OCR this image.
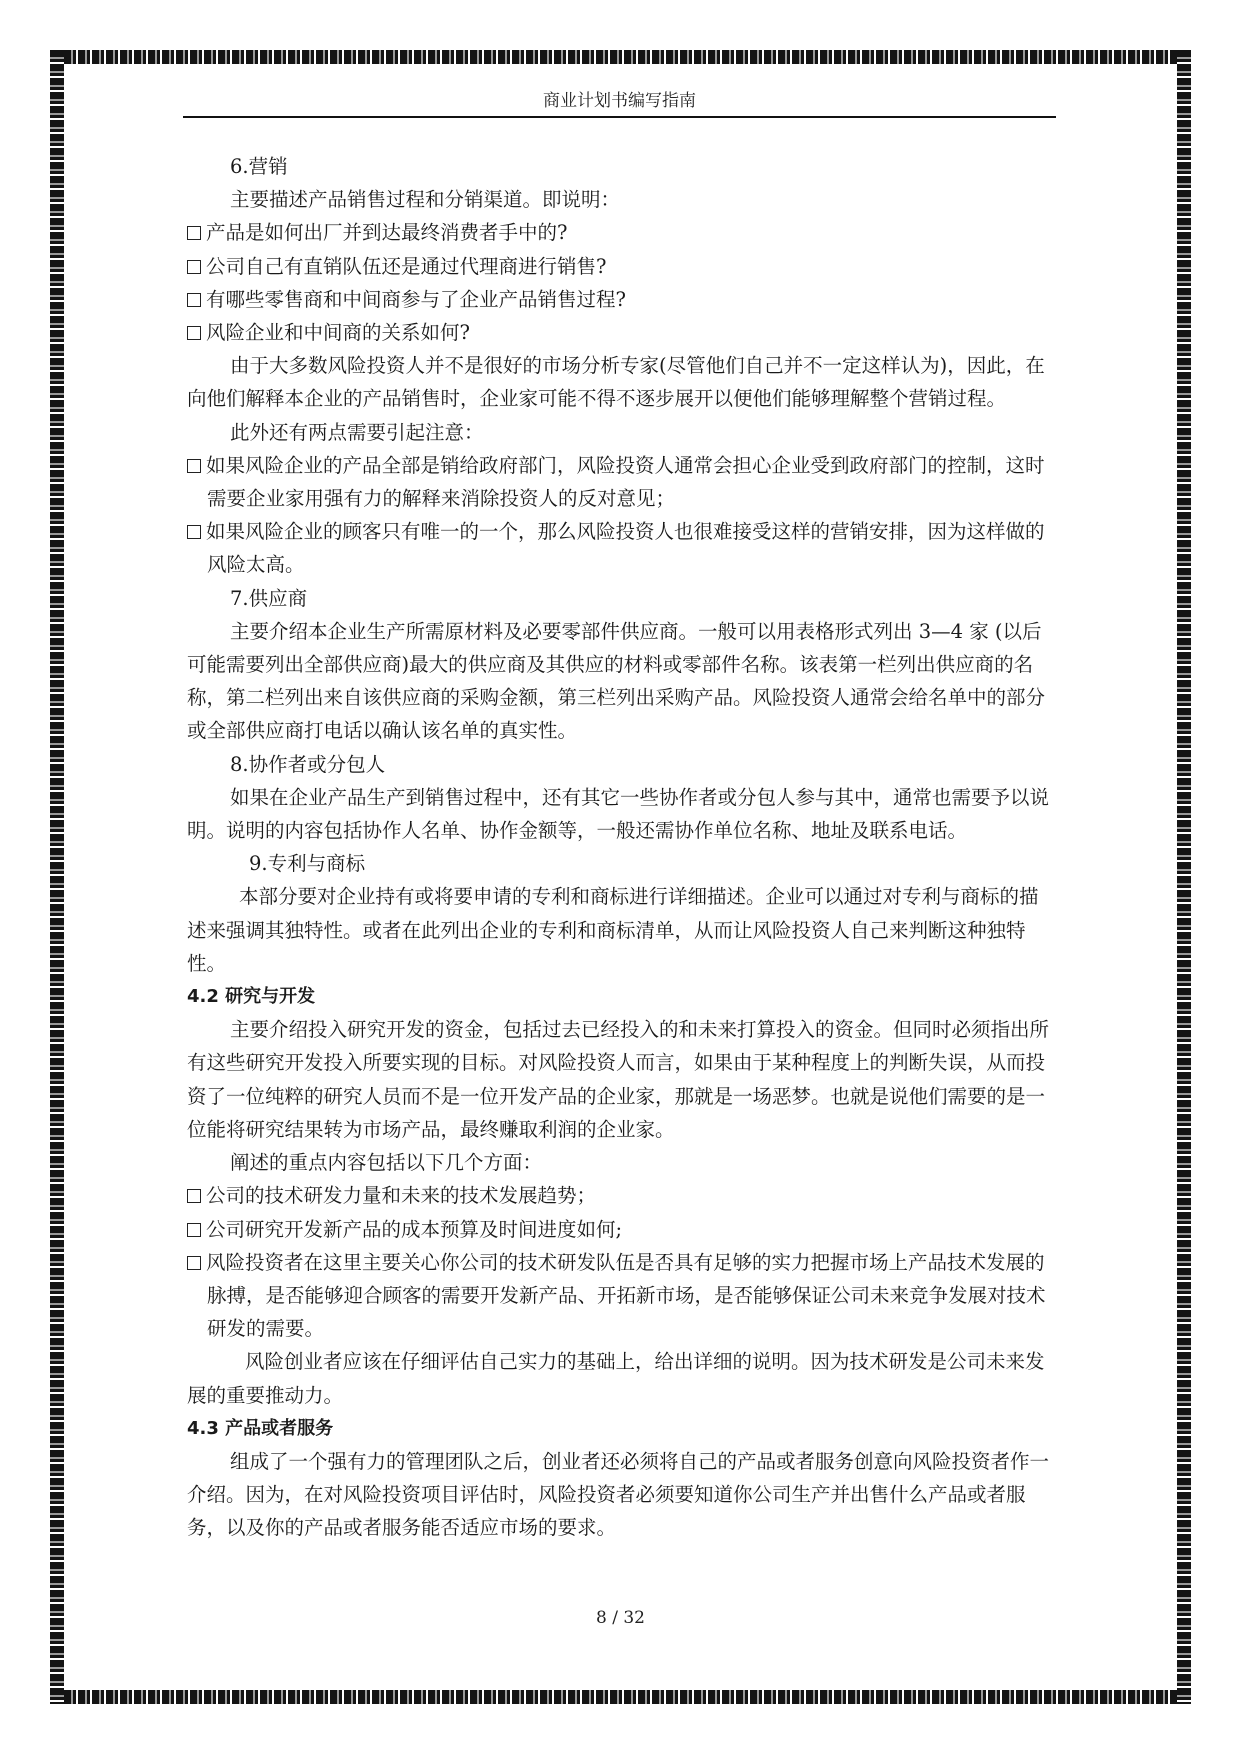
商业计划书编写指南

6.营销

主要描述产品销售过程和分销渠道。即说明：

产品是如何出厂并到达最终消费者手中的?

公司自己有直销队伍还是通过代理商进行销售?

有哪些零售商和中间商参与了企业产品销售过程?

风险企业和中间商的关系如何?

由于大多数风险投资人并不是很好的市场分析专家(尽管他们自己并不一定这样认为)，因此，在向他们解释本企业的产品销售时，企业家可能不得不逐步展开以便他们能够理解整个营销过程。

此外还有两点需要引起注意：

如果风险企业的产品全部是销给政府部门，风险投资人通常会担心企业受到政府部门的控制，这时需要企业家用强有力的解释来消除投资人的反对意见；

如果风险企业的顾客只有唯一的一个，那么风险投资人也很难接受这样的营销安排，因为这样做的风险太高。

7.供应商

主要介绍本企业生产所需原材料及必要零部件供应商。一般可以用表格形式列出 3—4 家 (以后可能需要列出全部供应商)最大的供应商及其供应的材料或零部件名称。该表第一栏列出供应商的名称，第二栏列出来自该供应商的采购金额，第三栏列出采购产品。风险投资人通常会给名单中的部分或全部供应商打电话以确认该名单的真实性。

8.协作者或分包人

如果在企业产品生产到销售过程中，还有其它一些协作者或分包人参与其中，通常也需要予以说明。说明的内容包括协作人名单、协作金额等，一般还需协作单位名称、地址及联系电话。

9.专利与商标

本部分要对企业持有或将要申请的专利和商标进行详细描述。企业可以通过对专利与商标的描述来强调其独特性。或者在此列出企业的专利和商标清单，从而让风险投资人自己来判断这种独特性。

4.2 研究与开发

主要介绍投入研究开发的资金，包括过去已经投入的和未来打算投入的资金。但同时必须指出所有这些研究开发投入所要实现的目标。对风险投资人而言，如果由于某种程度上的判断失误，从而投资了一位纯粹的研究人员而不是一位开发产品的企业家，那就是一场恶梦。也就是说他们需要的是一位能将研究结果转为市场产品，最终赚取利润的企业家。

阐述的重点内容包括以下几个方面：

公司的技术研发力量和未来的技术发展趋势；

公司研究开发新产品的成本预算及时间进度如何;

风险投资者在这里主要关心你公司的技术研发队伍是否具有足够的实力把握市场上产品技术发展的脉搏，是否能够迎合顾客的需要开发新产品、开拓新市场，是否能够保证公司未来竞争发展对技术研发的需要。

风险创业者应该在仔细评估自己实力的基础上，给出详细的说明。因为技术研发是公司未来发展的重要推动力。

4.3 产品或者服务

组成了一个强有力的管理团队之后，创业者还必须将自己的产品或者服务创意向风险投资者作一介绍。因为，在对风险投资项目评估时，风险投资者必须要知道你公司生产并出售什么产品或者服务，以及你的产品或者服务能否适应市场的要求。

8 / 32
